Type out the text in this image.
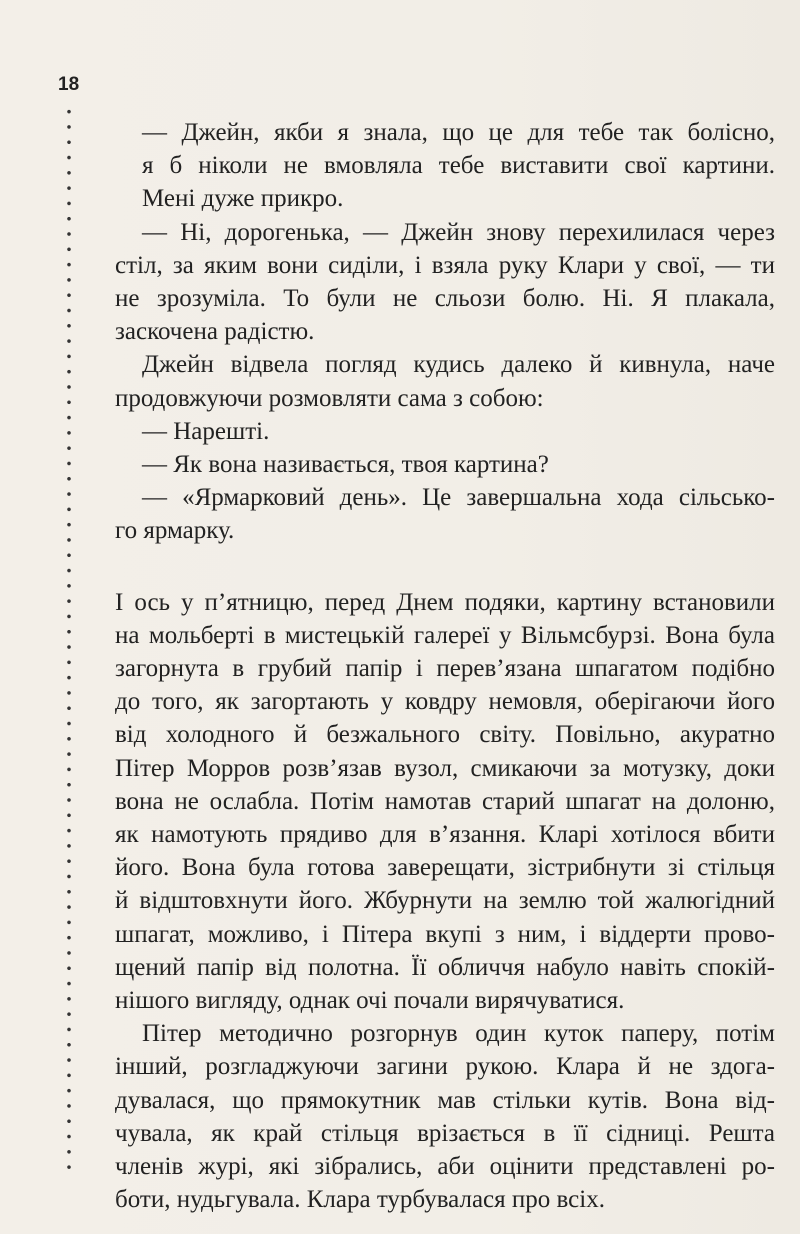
18

— Джейн, якби я знала, що це для тебе так болісно,
я б ніколи не вмовляла тебе виставити свої картини.
Мені дуже прикро.

— Ні, дорогенька, — Джейн знову перехилилася через
стіл, за яким вони сиділи, і взяла руку Клари у свої, — ти
не зрозуміла. То були не сльози болю. Ні. Я плакала,
заскочена радістю.

Джейн відвела погляд кудись далеко й кивнула, наче
продовжуючи розмовляти сама з собою:

— Нарешті.

— Як вона називається, твоя картина?

— «Ярмарковий день». Це завершальна хода сільсько-
го ярмарку.

І ось у п’ятницю, перед Днем подяки, картину встановили
на мольберті в мистецькій галереї у Вільмсбурзі. Вона була
загорнута в грубий папір і перев’язана шпагатом подібно
до того, як загортають у ковдру немовля, оберігаючи його
від холодного й безжального світу. Повільно, акуратно
Пітер Морров розв’язав вузол, смикаючи за мотузку, доки
вона не ослабла. Потім намотав старий шпагат на долоню,
як намотують прядиво для в’язання. Кларі хотілося вбити
його. Вона була готова заверещати, зістрибнути зі стільця
й відштовхнути його. Жбурнути на землю той жалюгідний
шпагат, можливо, і Пітера вкупі з ним, і віддерти прово-
щений папір від полотна. Її обличчя набуло навіть спокій-
нішого вигляду, однак очі почали вирячуватися.

Пітер методично розгорнув один куток паперу, потім
інший, розгладжуючи загини рукою. Клара й не здога-
дувалася, що прямокутник мав стільки кутів. Вона від-
чувала, як край стільця врізається в її сідниці. Решта
членів журі, які зібрались, аби оцінити представлені ро-
боти, нудьгувала. Клара турбувалася про всіх.
